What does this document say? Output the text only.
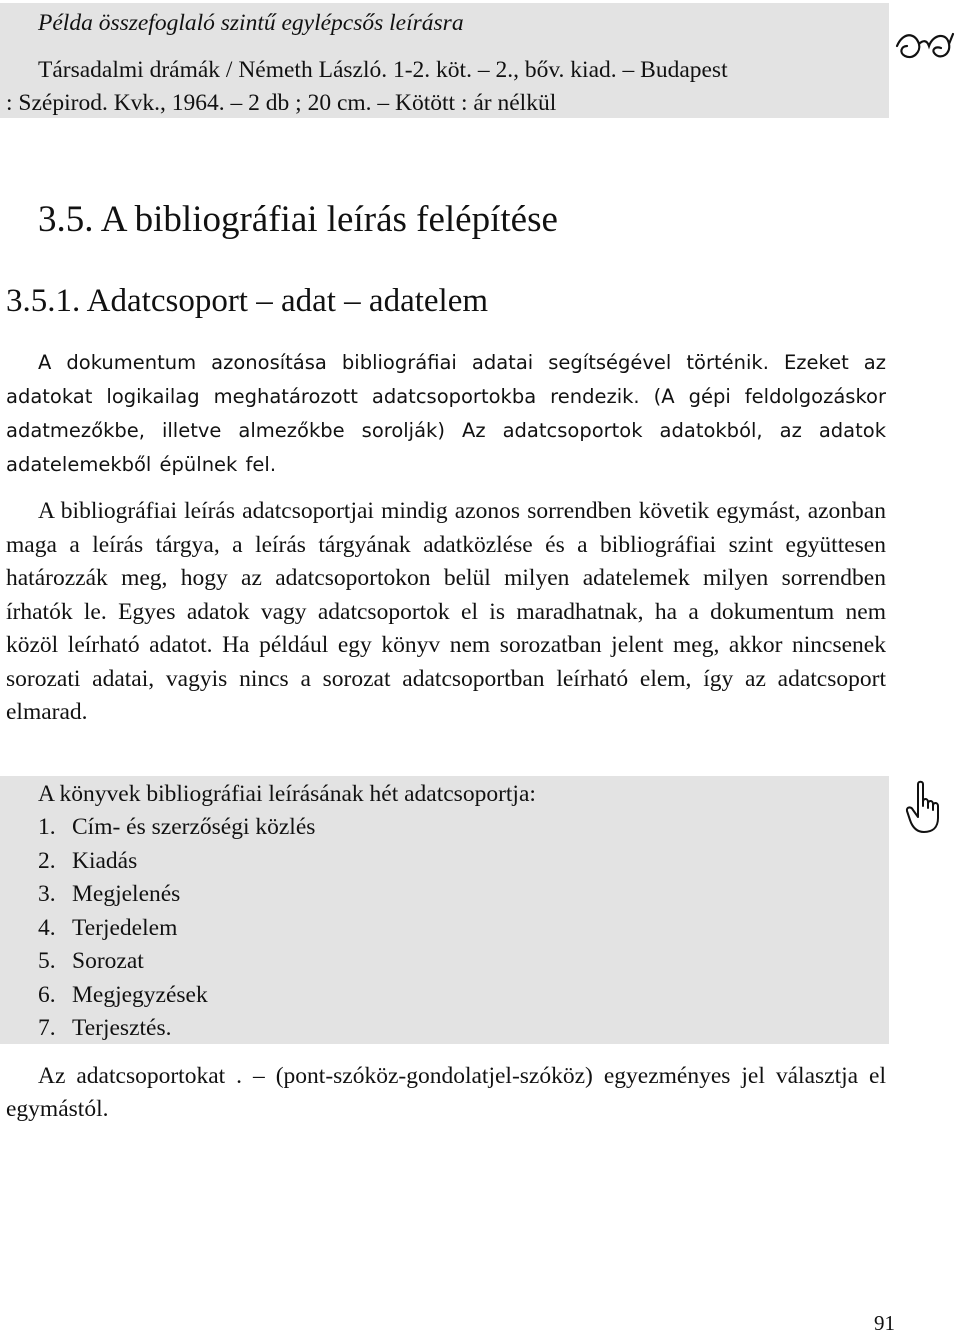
Példa összefoglaló szintű egylépcsős leírásra

Társadalmi drámák / Németh László. 1-2. köt. – 2., bőv. kiad. – Budapest

: Szépirod. Kvk., 1964. – 2 db ; 20 cm. – Kötött : ár nélkül

3.5. A bibliográfiai leírás felépítése
3.5.1. Adatcsoport – adat – adatelem

A dokumentum azonosítása bibliográfiai adatai segítségével történik. Ezeket az adatokat logikailag meghatározott adatcsoportokba rendezik. (A gépi feldolgozáskor adatmezőkbe, illetve almezőkbe sorolják) Az adatcsoportok adatokból, az adatok adatelemekből épülnek fel.

A bibliográfiai leírás adatcsoportjai mindig azonos sorrendben követik egymást, azonban maga a leírás tárgya, a leírás tárgyának adatközlése és a bibliográfiai szint együttesen határozzák meg, hogy az adatcsoportokon belül milyen adatelemek milyen sorrendben írhatók le. Egyes adatok vagy adatcsoportok el is maradhatnak, ha a dokumentum nem közöl leírható adatot. Ha például egy könyv nem sorozatban jelent meg, akkor nincsenek sorozati adatai, vagyis nincs a sorozat adatcsoportban leírható elem, így az adatcsoport elmarad.

A könyvek bibliográfiai leírásának hét adatcsoportja:

1. Cím- és szerzőségi közlés
2. Kiadás
3. Megjelenés
4. Terjedelem
5. Sorozat
6. Megjegyzések
7. Terjesztés.

Az adatcsoportokat . – (pont-szóköz-gondolatjel-szóköz) egyezményes jel választja el egymástól.

91
